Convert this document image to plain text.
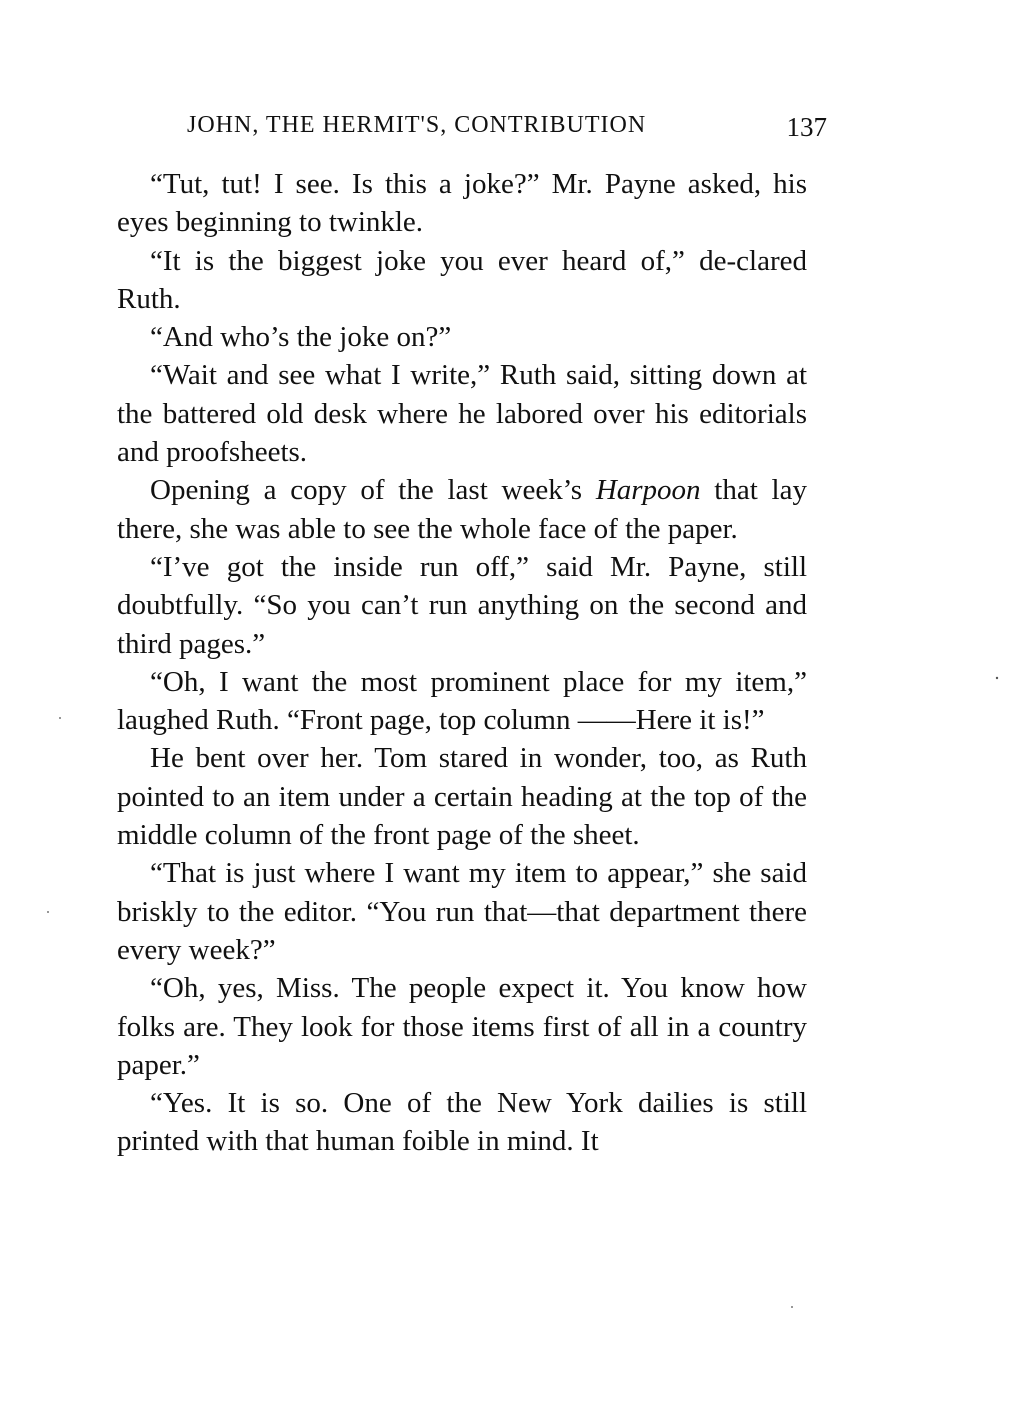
JOHN, THE HERMIT'S, CONTRIBUTION	137

“Tut, tut! I see. Is this a joke?” Mr. Payne asked, his eyes beginning to twinkle.

“It is the biggest joke you ever heard of,” de-clared Ruth.

“And who’s the joke on?”

“Wait and see what I write,” Ruth said, sitting down at the battered old desk where he labored over his editorials and proofsheets.

Opening a copy of the last week’s Harpoon that lay there, she was able to see the whole face of the paper.

“I’ve got the inside run off,” said Mr. Payne, still doubtfully. “So you can’t run anything on the second and third pages.”

“Oh, I want the most prominent place for my item,” laughed Ruth. “Front page, top column ——Here it is!”

He bent over her. Tom stared in wonder, too, as Ruth pointed to an item under a certain heading at the top of the middle column of the front page of the sheet.

“That is just where I want my item to appear,” she said briskly to the editor. “You run that—that department there every week?”

“Oh, yes, Miss. The people expect it. You know how folks are. They look for those items first of all in a country paper.”

“Yes. It is so. One of the New York dailies is still printed with that human foible in mind. It
